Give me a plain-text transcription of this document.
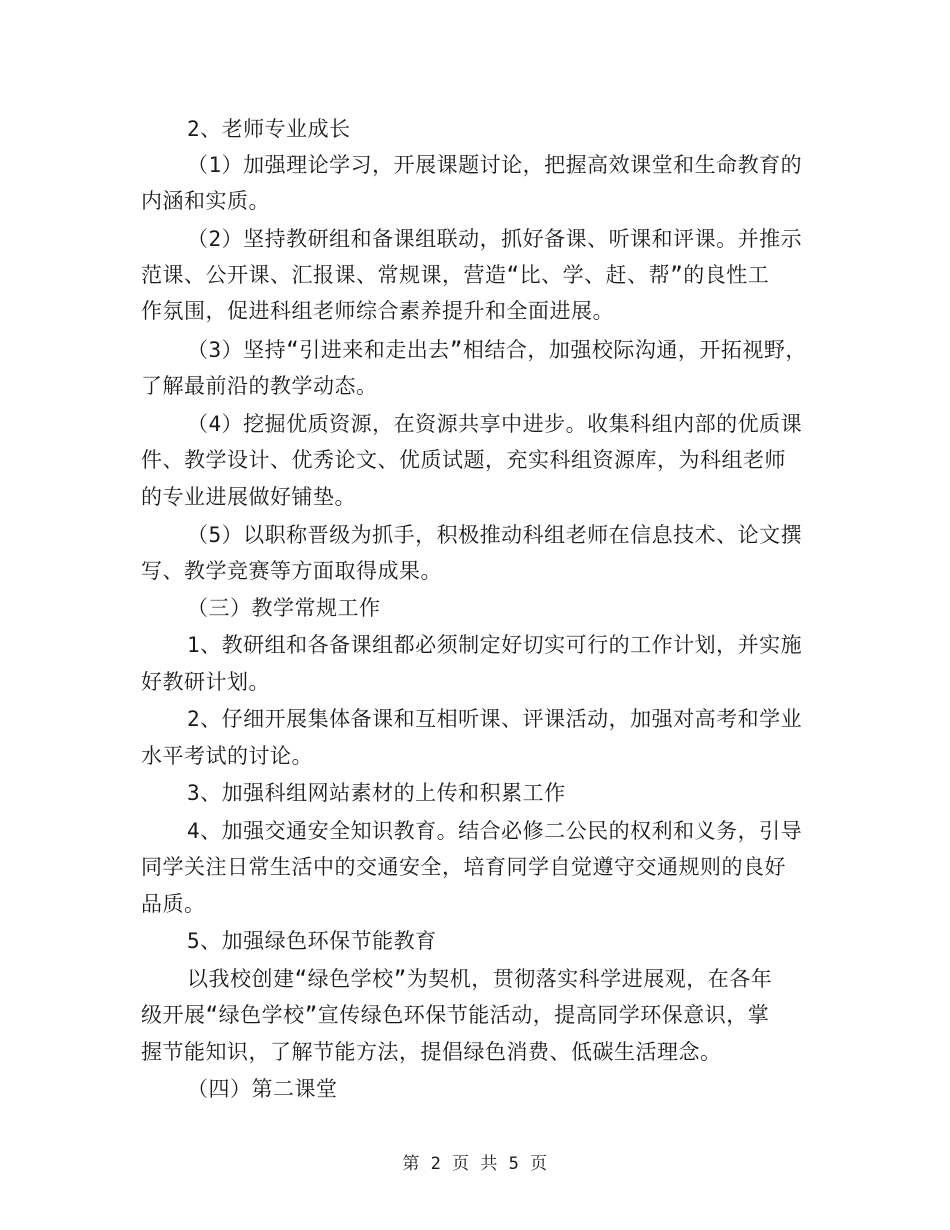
2、老师专业成长
（1）加强理论学习，开展课题讨论，把握高效课堂和生命教育的
内涵和实质。
（2）坚持教研组和备课组联动，抓好备课、听课和评课。并推示
范课、公开课、汇报课、常规课，营造“比、学、赶、帮”的良性工
作氛围，促进科组老师综合素养提升和全面进展。
（3）坚持“引进来和走出去”相结合，加强校际沟通，开拓视野，
了解最前沿的教学动态。
（4）挖掘优质资源，在资源共享中进步。收集科组内部的优质课
件、教学设计、优秀论文、优质试题，充实科组资源库，为科组老师
的专业进展做好铺垫。
（5）以职称晋级为抓手，积极推动科组老师在信息技术、论文撰
写、教学竞赛等方面取得成果。
（三）教学常规工作
1、教研组和各备课组都必须制定好切实可行的工作计划，并实施
好教研计划。
2、仔细开展集体备课和互相听课、评课活动，加强对高考和学业
水平考试的讨论。
3、加强科组网站素材的上传和积累工作
4、加强交通安全知识教育。结合必修二公民的权利和义务，引导
同学关注日常生活中的交通安全，培育同学自觉遵守交通规则的良好
品质。
5、加强绿色环保节能教育
以我校创建“绿色学校”为契机，贯彻落实科学进展观，在各年
级开展“绿色学校”宣传绿色环保节能活动，提高同学环保意识，掌
握节能知识，了解节能方法，提倡绿色消费、低碳生活理念。
（四）第二课堂
第 2 页 共 5 页
